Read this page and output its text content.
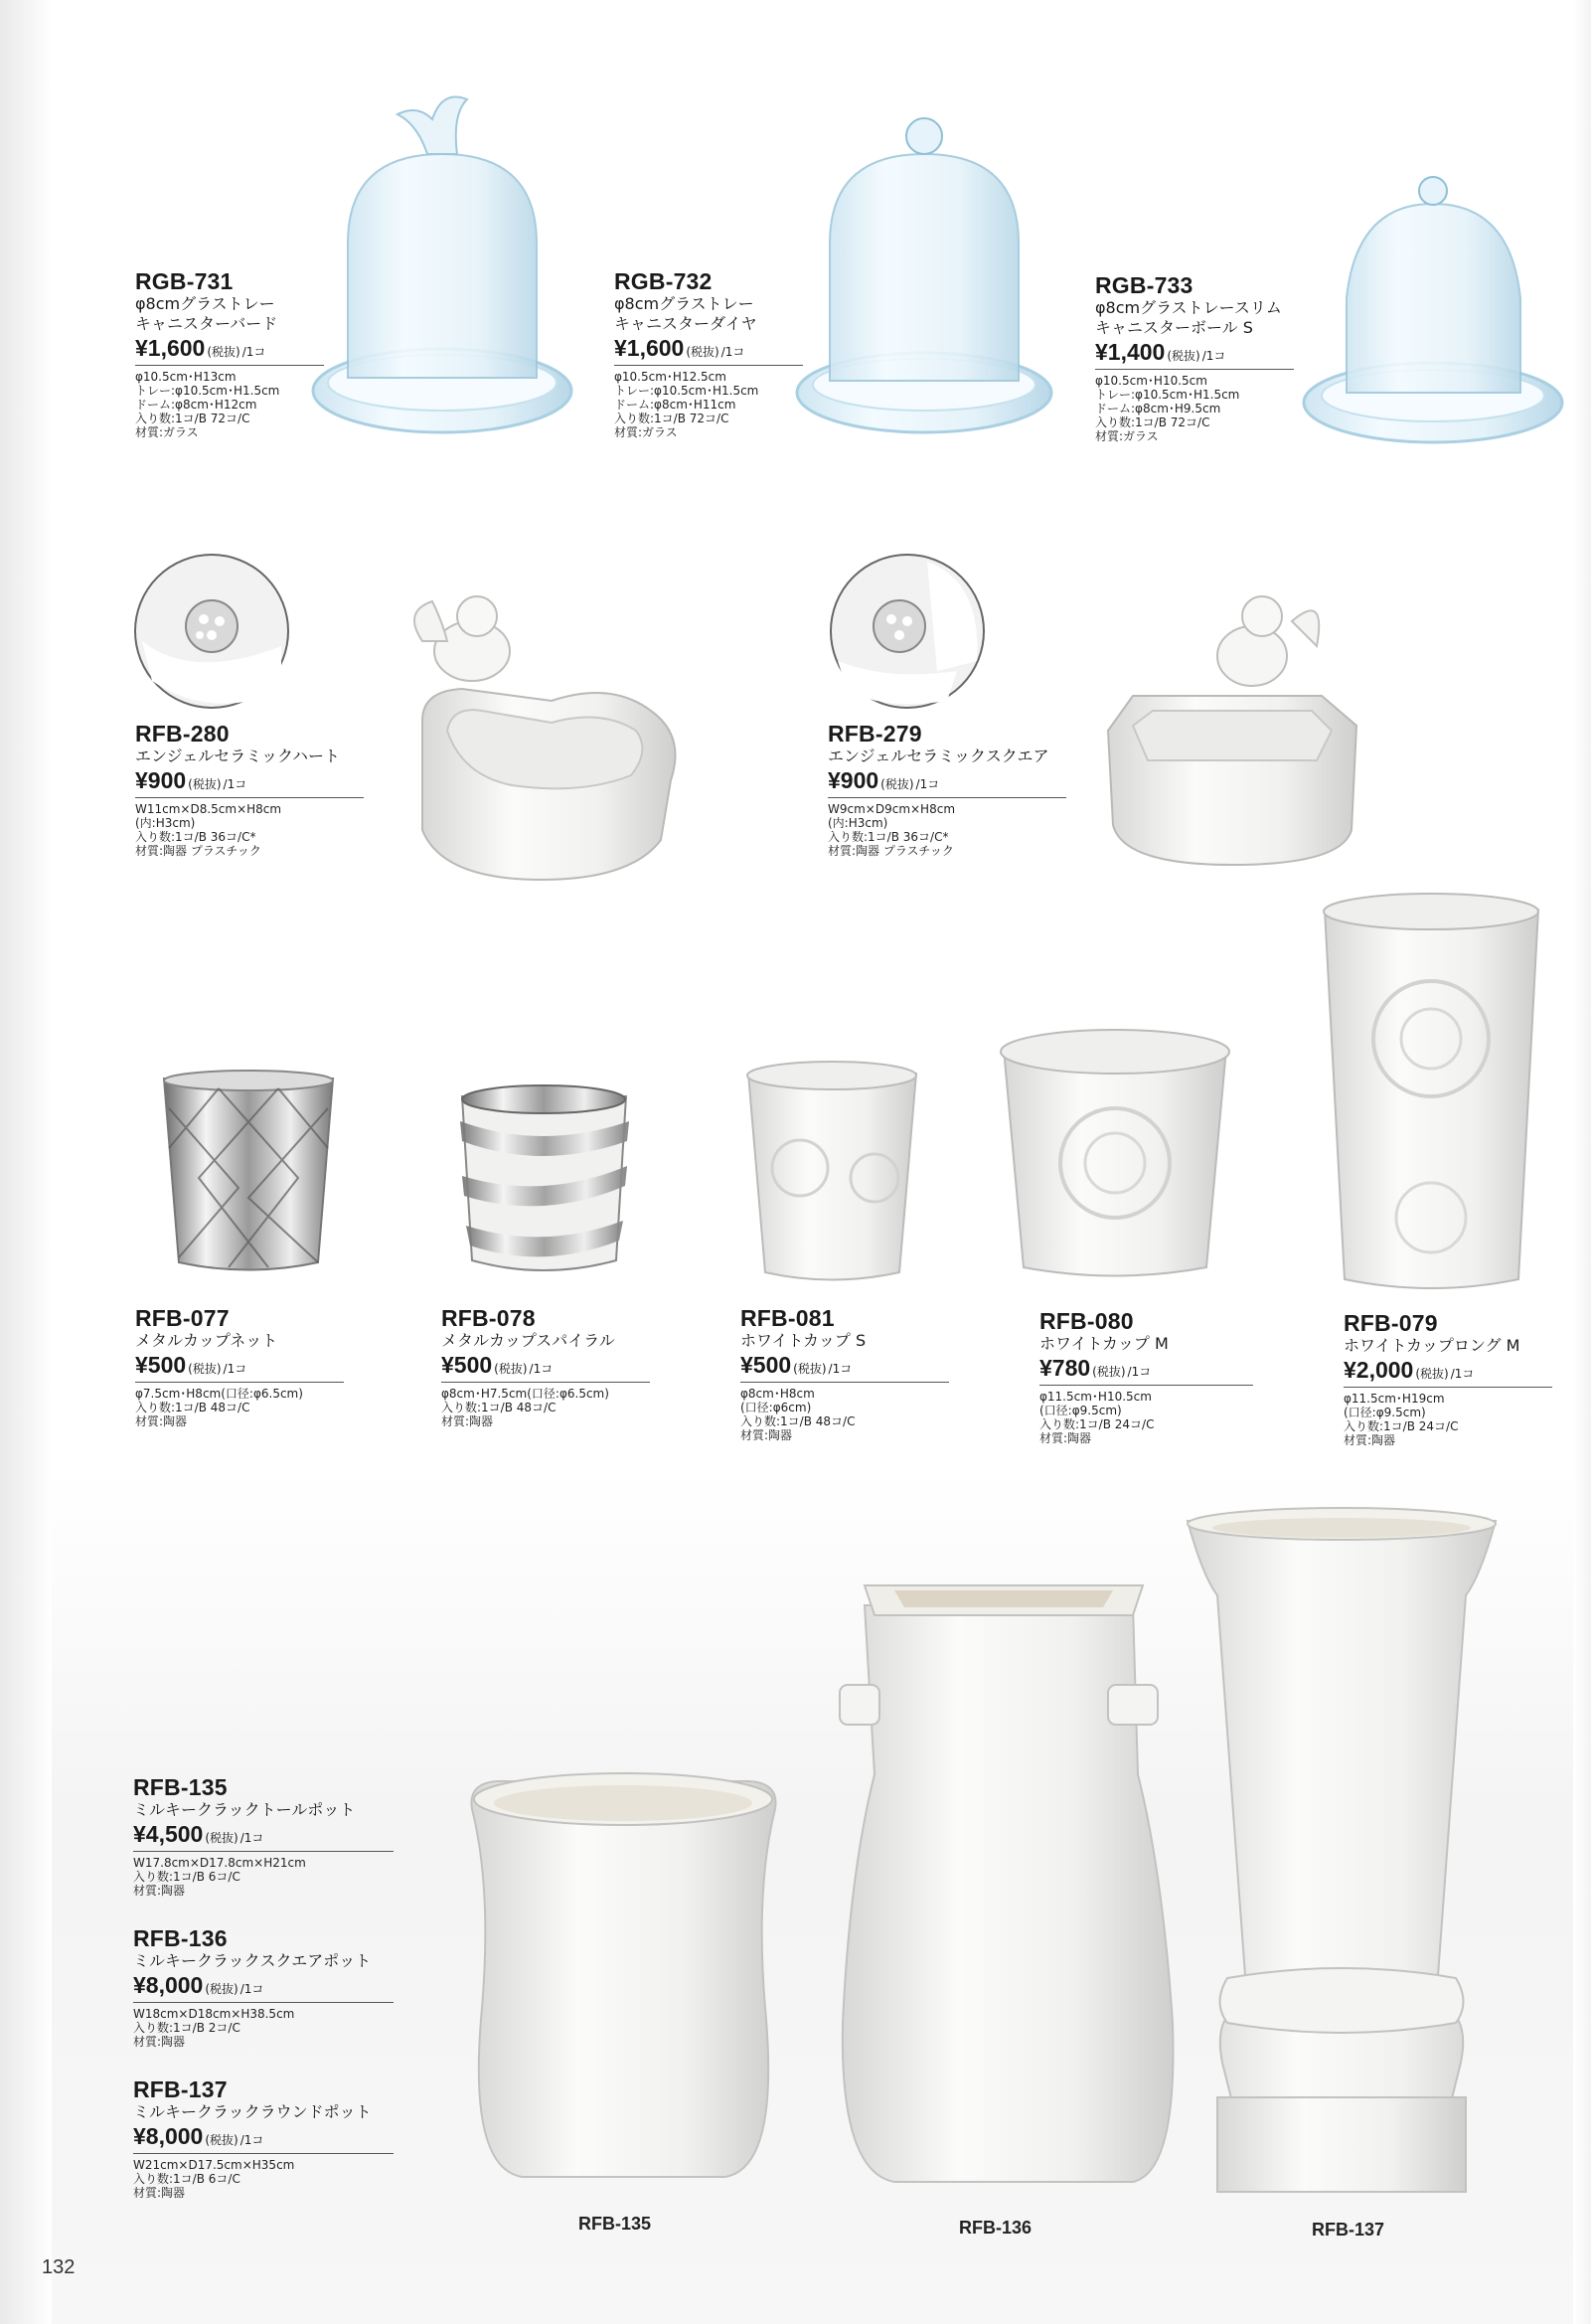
RGB-731
φ8cmグラストレー
キャニスターバード
¥1,600 (税抜) /1コ
φ10.5cm･H13cm
トレー:φ10.5cm･H1.5cm
ドーム:φ8cm･H12cm
入り数:1コ/B 72コ/C
材質:ガラス
RGB-732
φ8cmグラストレー
キャニスターダイヤ
¥1,600 (税抜) /1コ
φ10.5cm･H12.5cm
トレー:φ10.5cm･H1.5cm
ドーム:φ8cm･H11cm
入り数:1コ/B 72コ/C
材質:ガラス
RGB-733
φ8cmグラストレースリム
キャニスターボール S
¥1,400 (税抜) /1コ
φ10.5cm･H10.5cm
トレー:φ10.5cm･H1.5cm
ドーム:φ8cm･H9.5cm
入り数:1コ/B 72コ/C
材質:ガラス
RFB-280
エンジェルセラミックハート
¥900 (税抜) /1コ
W11cm×D8.5cm×H8cm
(内:H3cm)
入り数:1コ/B 36コ/C*
材質:陶器 プラスチック
RFB-279
エンジェルセラミックスクエア
¥900 (税抜) /1コ
W9cm×D9cm×H8cm
(内:H3cm)
入り数:1コ/B 36コ/C*
材質:陶器 プラスチック
RFB-077
メタルカップネット
¥500 (税抜) /1コ
φ7.5cm･H8cm(口径:φ6.5cm)
入り数:1コ/B 48コ/C
材質:陶器
RFB-078
メタルカップスパイラル
¥500 (税抜) /1コ
φ8cm･H7.5cm(口径:φ6.5cm)
入り数:1コ/B 48コ/C
材質:陶器
RFB-081
ホワイトカップ S
¥500 (税抜) /1コ
φ8cm･H8cm
(口径:φ6cm)
入り数:1コ/B 48コ/C
材質:陶器
RFB-080
ホワイトカップ M
¥780 (税抜) /1コ
φ11.5cm･H10.5cm
(口径:φ9.5cm)
入り数:1コ/B 24コ/C
材質:陶器
RFB-079
ホワイトカップロング M
¥2,000 (税抜) /1コ
φ11.5cm･H19cm
(口径:φ9.5cm)
入り数:1コ/B 24コ/C
材質:陶器
RFB-135
ミルキークラックトールポット
¥4,500 (税抜) /1コ
W17.8cm×D17.8cm×H21cm
入り数:1コ/B 6コ/C
材質:陶器
RFB-136
ミルキークラックスクエアポット
¥8,000 (税抜) /1コ
W18cm×D18cm×H38.5cm
入り数:1コ/B 2コ/C
材質:陶器
RFB-137
ミルキークラックラウンドポット
¥8,000 (税抜) /1コ
W21cm×D17.5cm×H35cm
入り数:1コ/B 6コ/C
材質:陶器
RFB-135	RFB-136	RFB-137
132
